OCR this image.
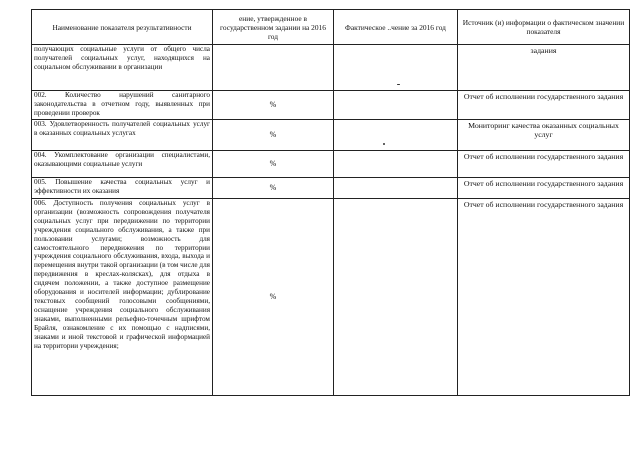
Наименование показателя результативности	ение, утвержденное в государственном задании на 2016 год	Фактическое ..чение за 2016 год	Источник (и) информации о фактическом значении показателя
получающих социальные услуги от общего числа получателей социальных услуг, находящихся на социальном обслуживании в организации			задания
002. Количество нарушений санитарного законодательства в отчетном году, выявленных при проведении проверок	%		Отчет об исполнении государственного задания
003. Удовлетворенность получателей социальных услуг в оказанных социальных услугах	%		Мониторинг качества оказанных социальных услуг
004. Укомплектование организации специалистами, оказывающими социальные услуги	%		Отчет об исполнении государственного задания
005. Повышение качества социальных услуг и эффективности их оказания	%		Отчет об исполнении государственного задания
006. Доступность получения социальных услуг в организации (возможность сопровождения получателя социальных услуг при передвижении по территории учреждения социального обслуживания, а также при пользовании услугами; возможность для самостоятельного передвижения по территории учреждения социального обслуживания, входа, выхода и перемещения внутри такой организации (в том числе для передвижения в креслах-колясках), для отдыха в сидячем положении, а также доступное размещение оборудования и носителей информации; дублирование текстовых сообщений голосовыми сообщениями, оснащение учреждения социального обслуживания знаками, выполненными рельефно-точечным шрифтом Брайля, ознакомление с их помощью с надписями, знаками и иной текстовой и графической информацией на территории учреждения;	%		Отчет об исполнении государственного задания
